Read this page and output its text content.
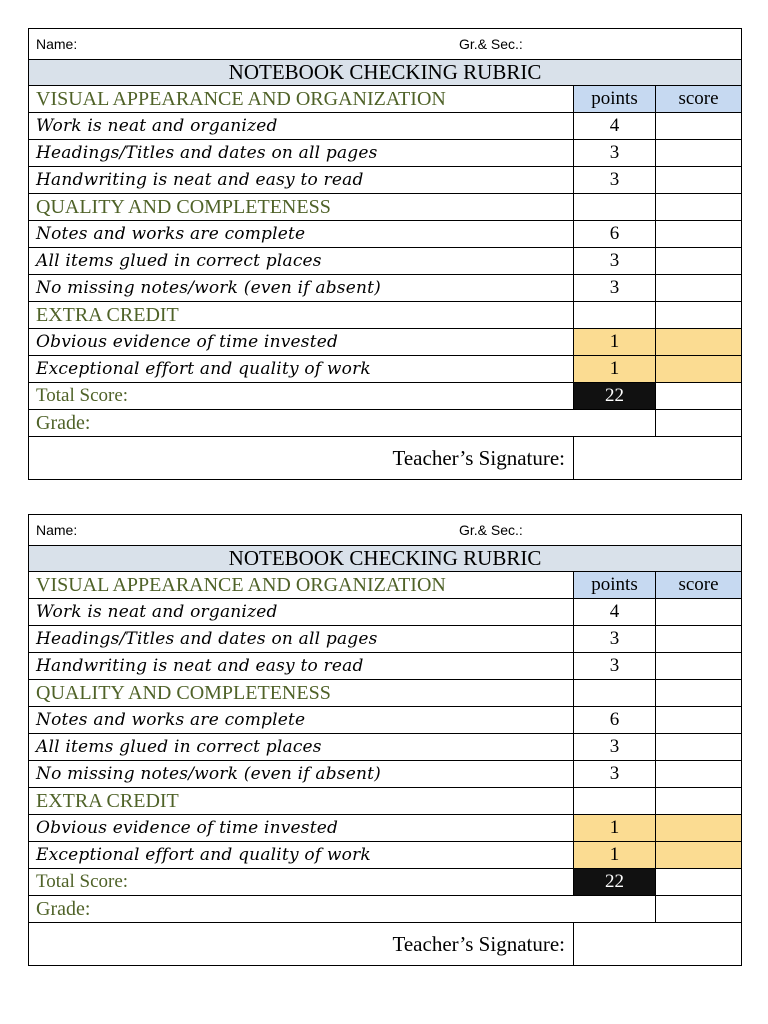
Name: Gr.& Sec.:		

NOTEBOOK CHECKING RUBRIC		
VISUAL APPEARANCE AND ORGANIZATION	points	score
Work is neat and organized	4	
Headings/Titles and dates on all pages	3	
Handwriting is neat and easy to read	3	
QUALITY AND COMPLETENESS		
Notes and works are complete	6	
All items glued in correct places	3	
No missing notes/work (even if absent)	3	
EXTRA CREDIT		
Obvious evidence of time invested	1	
Exceptional effort and quality of work	1	
Total Score:	22	
Grade:		
Teacher’s Signature:		
Name: Gr.& Sec.:		

NOTEBOOK CHECKING RUBRIC		
VISUAL APPEARANCE AND ORGANIZATION	points	score
Work is neat and organized	4	
Headings/Titles and dates on all pages	3	
Handwriting is neat and easy to read	3	
QUALITY AND COMPLETENESS		
Notes and works are complete	6	
All items glued in correct places	3	
No missing notes/work (even if absent)	3	
EXTRA CREDIT		
Obvious evidence of time invested	1	
Exceptional effort and quality of work	1	
Total Score:	22	
Grade:		
Teacher’s Signature:		
